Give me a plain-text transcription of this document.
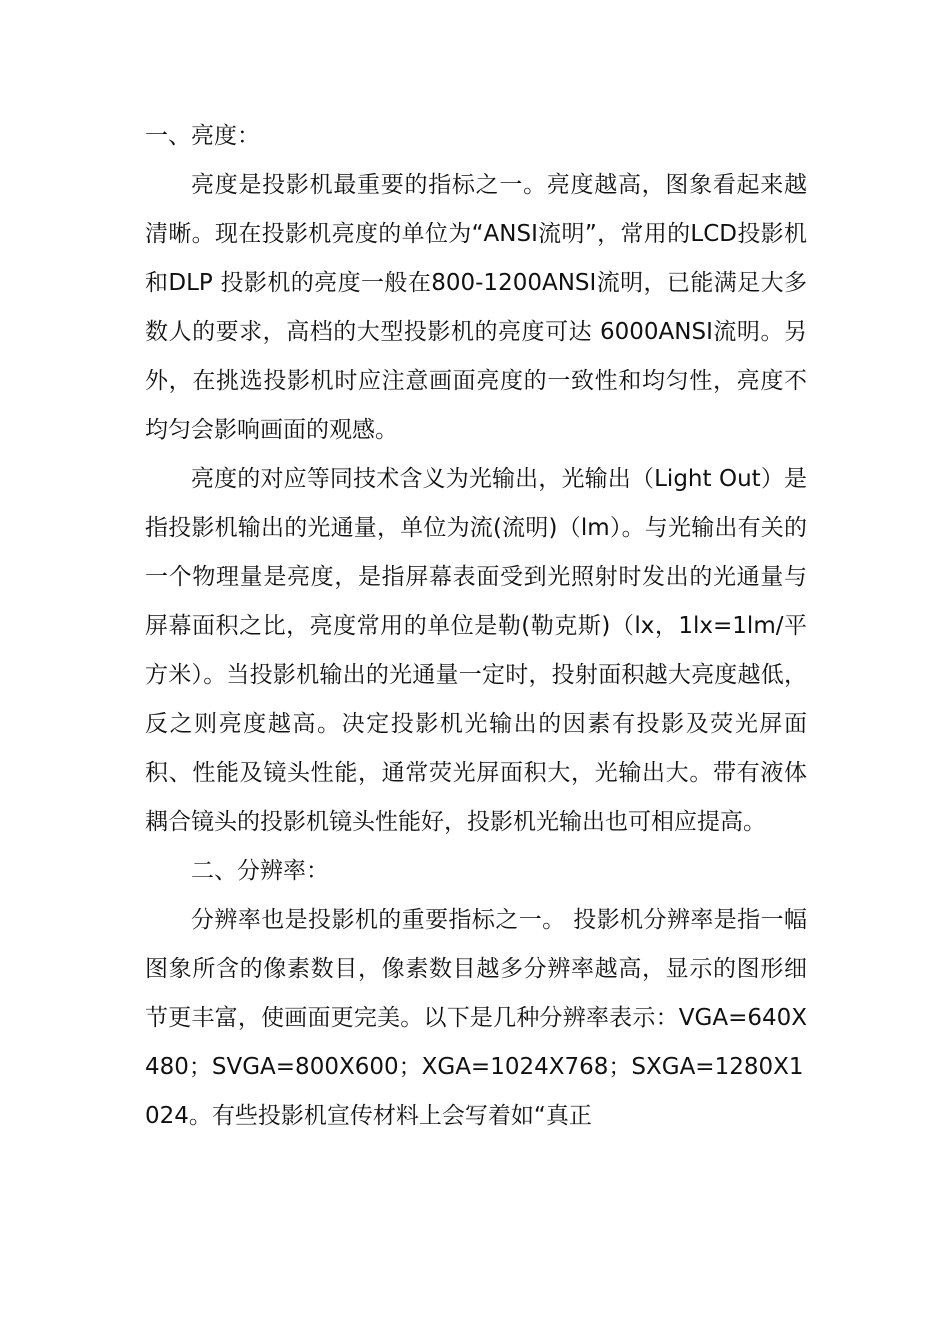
一、亮度：

亮度是投影机最重要的指标之一。亮度越高，图象看起来越清晰。现在投影机亮度的单位为“ANSI流明”，常用的LCD投影机和DLP 投影机的亮度一般在800-1200ANSI流明，已能满足大多数人的要求，高档的大型投影机的亮度可达 6000ANSI流明。另外，在挑选投影机时应注意画面亮度的一致性和均匀性，亮度不均匀会影响画面的观感。

亮度的对应等同技术含义为光输出，光输出（Light Out）是指投影机输出的光通量，单位为流(流明)（lm）。与光输出有关的一个物理量是亮度，是指屏幕表面受到光照射时发出的光通量与屏幕面积之比，亮度常用的单位是勒(勒克斯)（lx，1lx=1lm/平方米）。当投影机输出的光通量一定时，投射面积越大亮度越低，反之则亮度越高。决定投影机光输出的因素有投影及荧光屏面积、性能及镜头性能，通常荧光屏面积大，光输出大。带有液体耦合镜头的投影机镜头性能好，投影机光输出也可相应提高。

二、分辨率：

分辨率也是投影机的重要指标之一。 投影机分辨率是指一幅图象所含的像素数目，像素数目越多分辨率越高，显示的图形细节更丰富，使画面更完美。以下是几种分辨率表示：VGA=640X480；SVGA=800X600；XGA=1024X768；SXGA=1280X1024。有些投影机宣传材料上会写着如“真正
